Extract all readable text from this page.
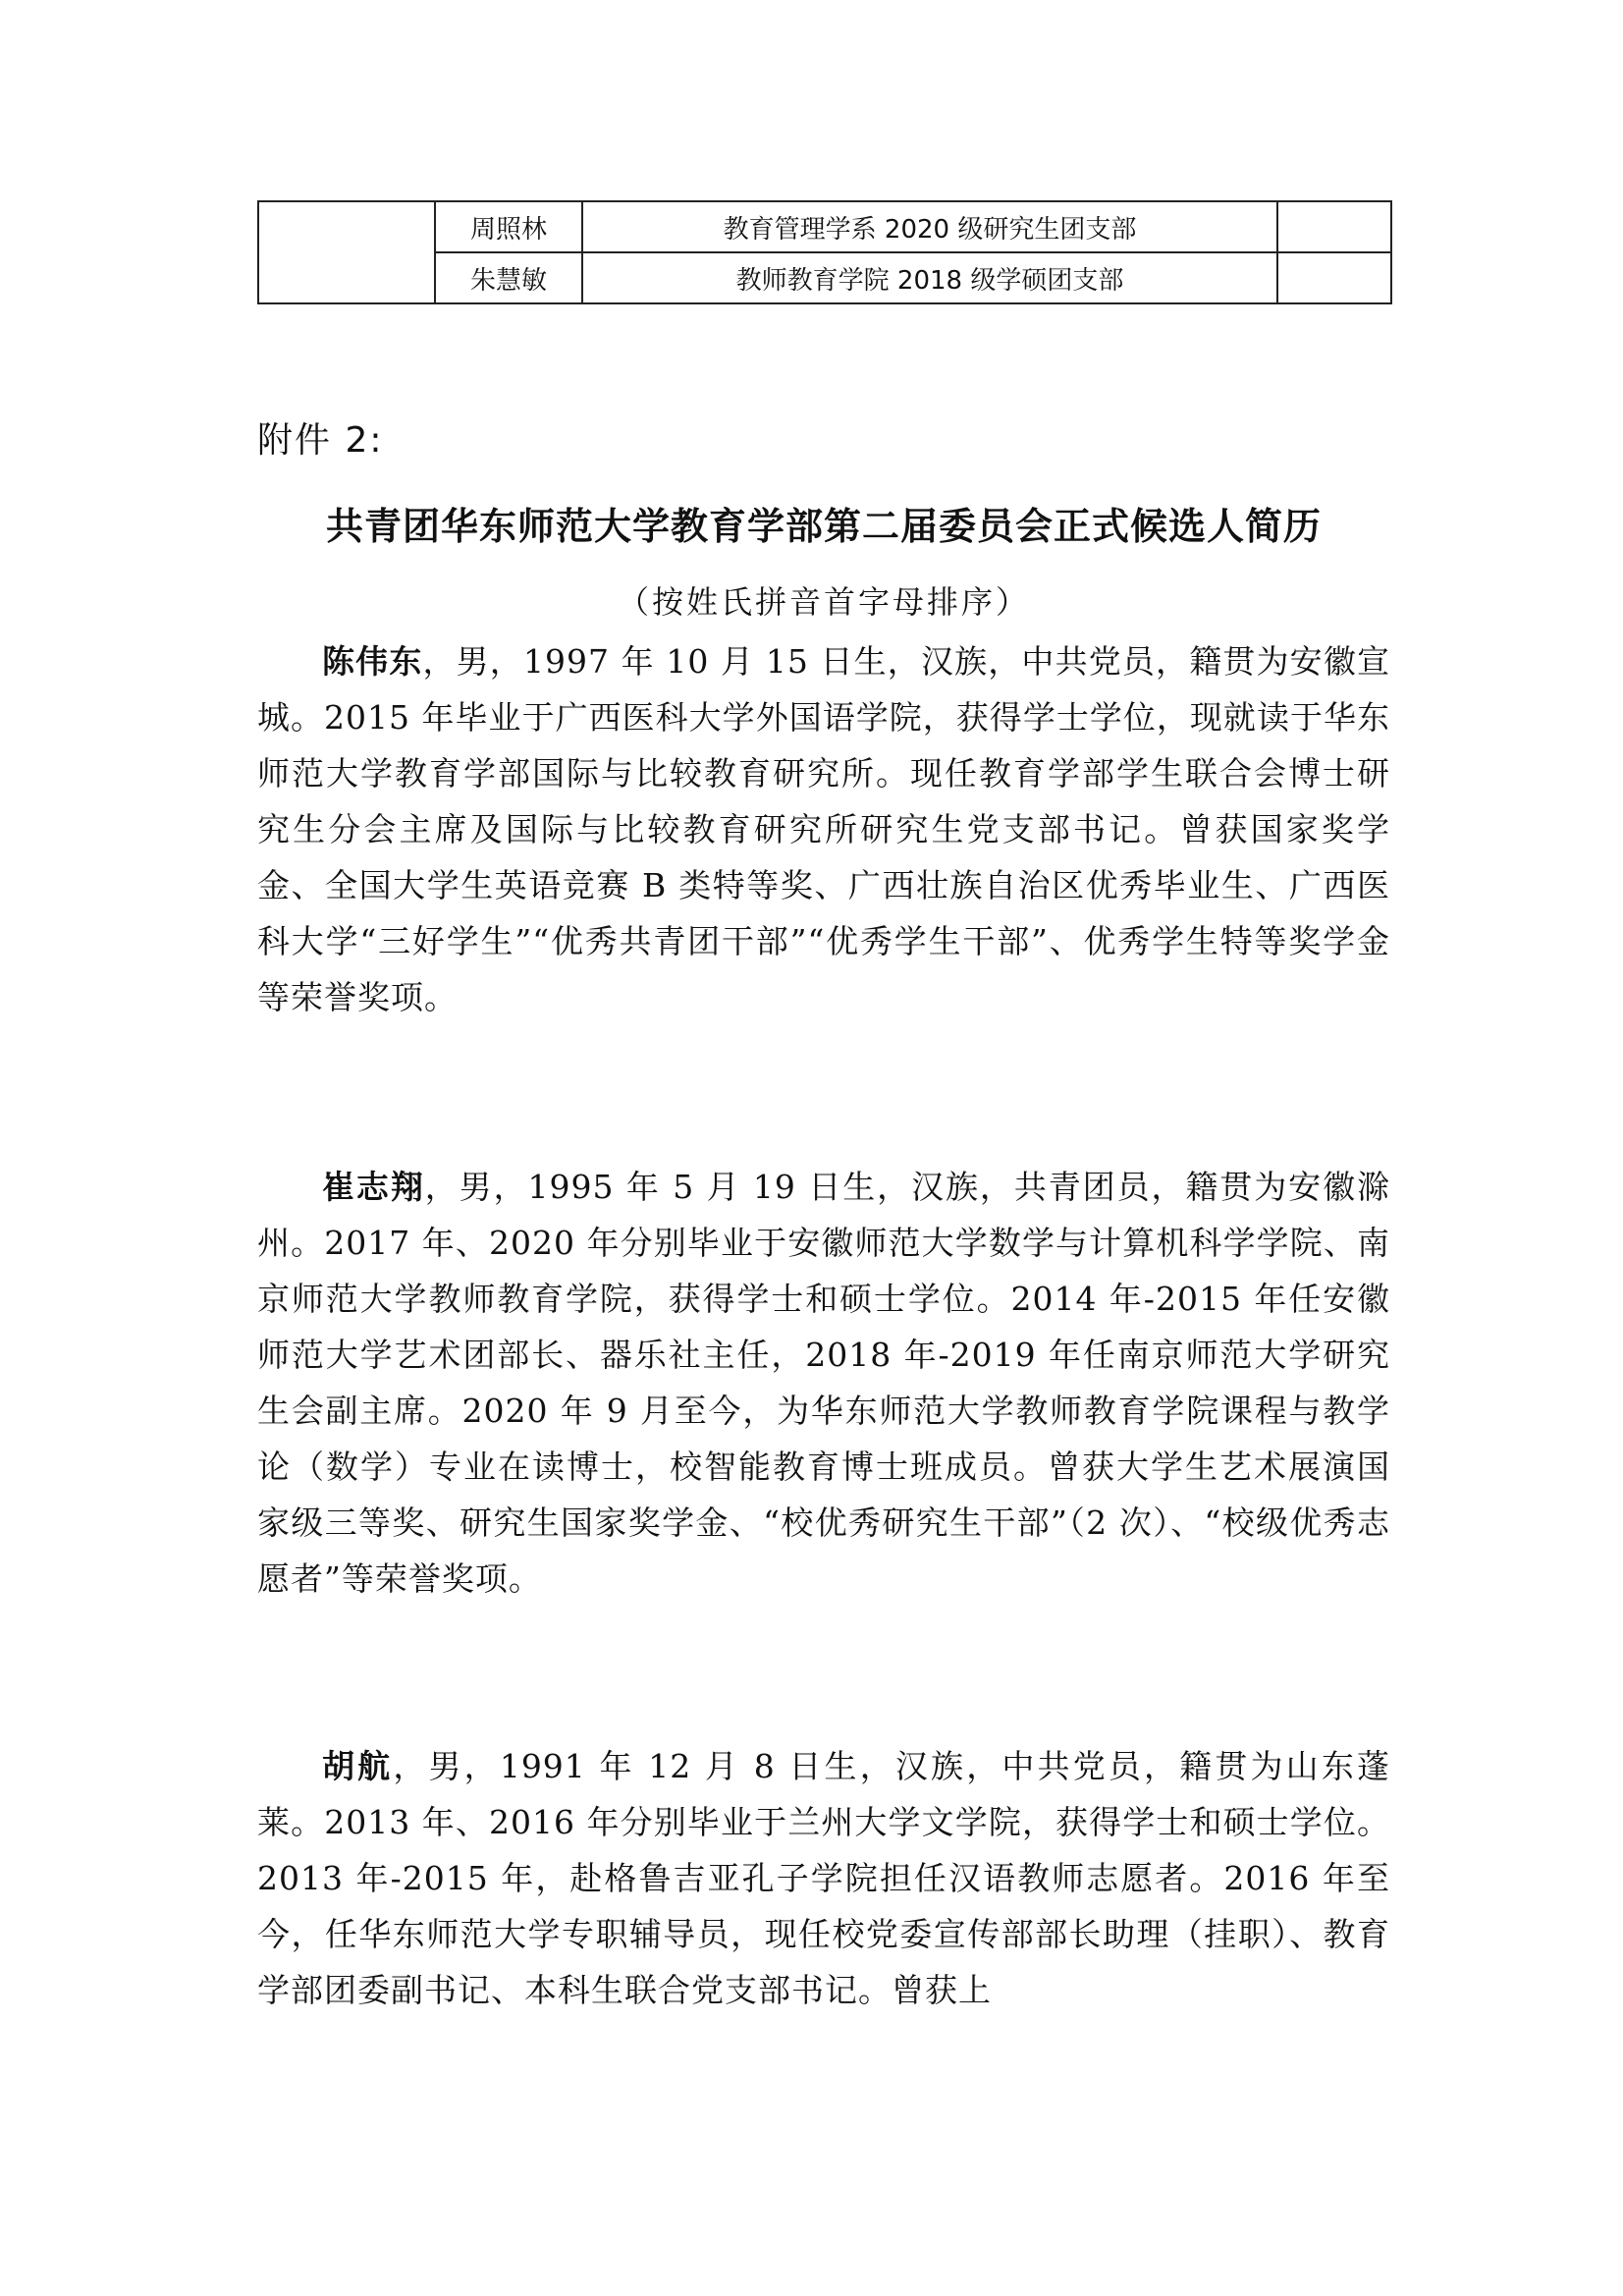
	周照林	教育管理学系 2020 级研究生团支部	
	朱慧敏	教师教育学院 2018 级学硕团支部	
附件 2:
共青团华东师范大学教育学部第二届委员会正式候选人简历
（按姓氏拼音首字母排序）

陈伟东，男，1997 年 10 月 15 日生，汉族，中共党员，籍贯为安徽宣城。2015 年毕业于广西医科大学外国语学院，获得学士学位，现就读于华东师范大学教育学部国际与比较教育研究所。现任教育学部学生联合会博士研究生分会主席及国际与比较教育研究所研究生党支部书记。曾获国家奖学金、全国大学生英语竞赛 B 类特等奖、广西壮族自治区优秀毕业生、广西医科大学“三好学生”“优秀共青团干部”“优秀学生干部”、优秀学生特等奖学金等荣誉奖项。

崔志翔，男，1995 年 5 月 19 日生，汉族，共青团员，籍贯为安徽滁州。2017 年、2020 年分别毕业于安徽师范大学数学与计算机科学学院、南京师范大学教师教育学院，获得学士和硕士学位。2014 年-2015 年任安徽师范大学艺术团部长、器乐社主任，2018 年-2019 年任南京师范大学研究生会副主席。2020 年 9 月至今，为华东师范大学教师教育学院课程与教学论（数学）专业在读博士，校智能教育博士班成员。曾获大学生艺术展演国家级三等奖、研究生国家奖学金、“校优秀研究生干部”（2 次）、“校级优秀志愿者”等荣誉奖项。

胡航，男，1991 年 12 月 8 日生，汉族，中共党员，籍贯为山东蓬莱。2013 年、2016 年分别毕业于兰州大学文学院，获得学士和硕士学位。2013 年-2015 年，赴格鲁吉亚孔子学院担任汉语教师志愿者。2016 年至今，任华东师范大学专职辅导员，现任校党委宣传部部长助理（挂职）、教育学部团委副书记、本科生联合党支部书记。曾获上
